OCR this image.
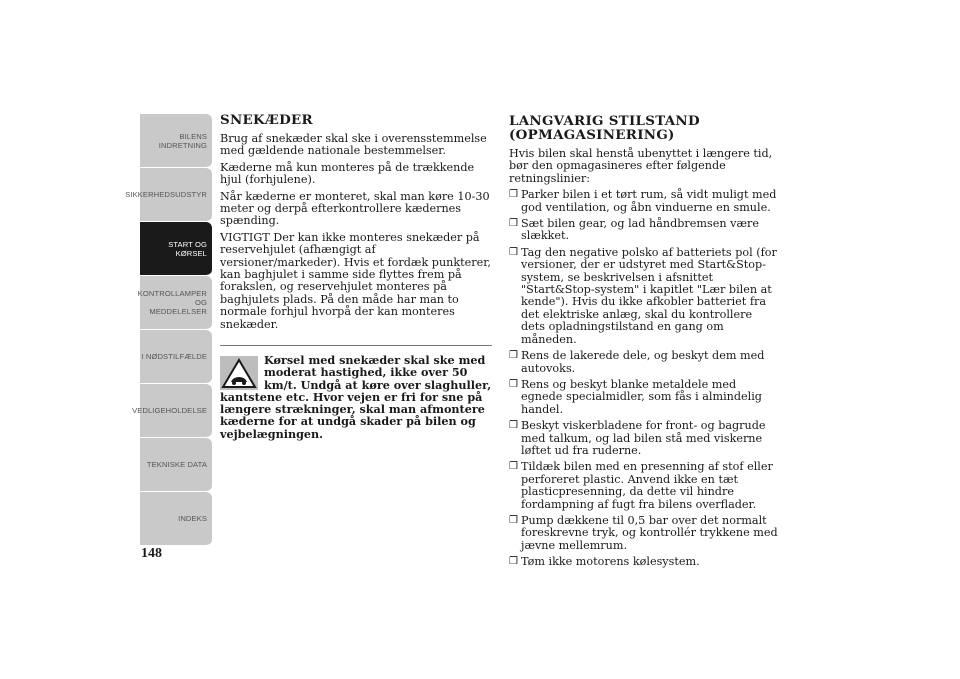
BILENS
INDRETNING
SIKKERHEDSUDSTYR
START OG KØRSEL
KONTROLLAMPER
OG MEDDELELSER
I NØDSTILFÆLDE
VEDLIGEHOLDELSE
TEKNISKE DATA
INDEKS
148
SNEKÆDER

Brug af snekæder skal ske i overensstemmelse med gældende nationale bestemmelser.

Kæderne må kun monteres på de trækkende hjul (forhjulene).

Når kæderne er monteret, skal man køre 10-30 meter og derpå efterkontrollere kædernes spænding.

VIGTIGT Der kan ikke monteres snekæder på reservehjulet (afhængigt af versioner/markeder). Hvis et fordæk punkterer, kan baghjulet i samme side flyttes frem på forakslen, og reservehjulet monteres på baghjulets plads. På den måde har man to normale forhjul hvorpå der kan monteres snekæder.

Kørsel med snekæder skal ske med moderat hastighed, ikke over 50 km/t. Undgå at køre over slaghuller,
kantstene etc. Hvor vejen er fri for sne på længere strækninger, skal man afmontere kæderne for at undgå skader på bilen og vejbelægningen.
LANGVARIG STILSTAND (OPMAGASINERING)

Hvis bilen skal henstå ubenyttet i længere tid, bør den opmagasineres efter følgende retningslinier:

❒ Parker bilen i et tørt rum, så vidt muligt med god ventilation, og åbn vinduerne en smule.
❒ Sæt bilen gear, og lad håndbremsen være slækket.
❒ Tag den negative polsko af batteriets pol (for versioner, der er udstyret med Start&Stop-system, se beskrivelsen i afsnittet "Start&Stop-system" i kapitlet "Lær bilen at kende"). Hvis du ikke afkobler batteriet fra det elektriske anlæg, skal du kontrollere dets opladningstilstand en gang om måneden.
❒ Rens de lakerede dele, og beskyt dem med autovoks.
❒ Rens og beskyt blanke metaldele med egnede specialmidler, som fås i almindelig handel.
❒ Beskyt viskerbladene for front- og bagrude med talkum, og lad bilen stå med viskerne løftet ud fra ruderne.
❒ Tildæk bilen med en presenning af stof eller perforeret plastic. Anvend ikke en tæt plasticpresenning, da dette vil hindre fordampning af fugt fra bilens overflader.
❒ Pump dækkene til 0,5 bar over det normalt foreskrevne tryk, og kontrollér trykkene med jævne mellemrum.
❒ Tøm ikke motorens kølesystem.
